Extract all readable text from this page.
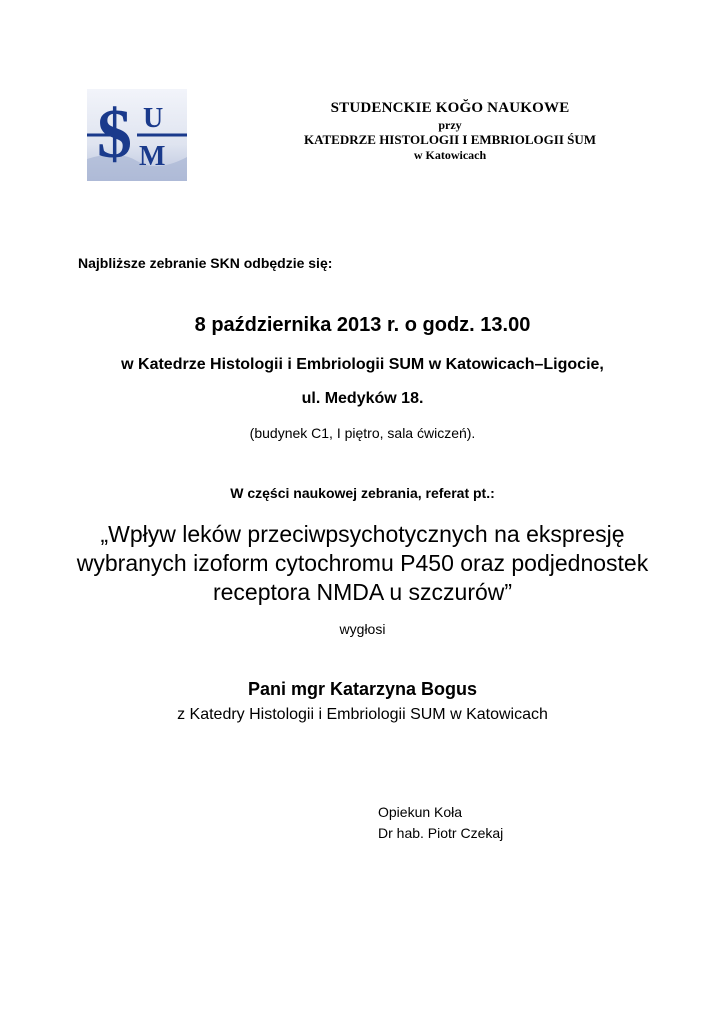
$ U
M
STUDENCKIE KOĞO NAUKOWE
przy
KATEDRZE HISTOLOGII I EMBRIOLOGII ŚUM
w Katowicach
Najbliższe zebranie SKN odbędzie się:
8 października 2013 r. o godz. 13.00
w Katedrze Histologii i Embriologii SUM w Katowicach–Ligocie,
ul. Medyków 18.
(budynek C1, I piętro, sala ćwiczeń).
W części naukowej zebrania, referat pt.:
„Wpływ leków przeciwpsychotycznych na ekspresję
wybranych izoform cytochromu P450 oraz podjednostek
receptora NMDA u szczurów”
wygłosi
Pani mgr Katarzyna Bogus
z Katedry Histologii i Embriologii SUM w Katowicach
Opiekun Koła
Dr hab. Piotr Czekaj
